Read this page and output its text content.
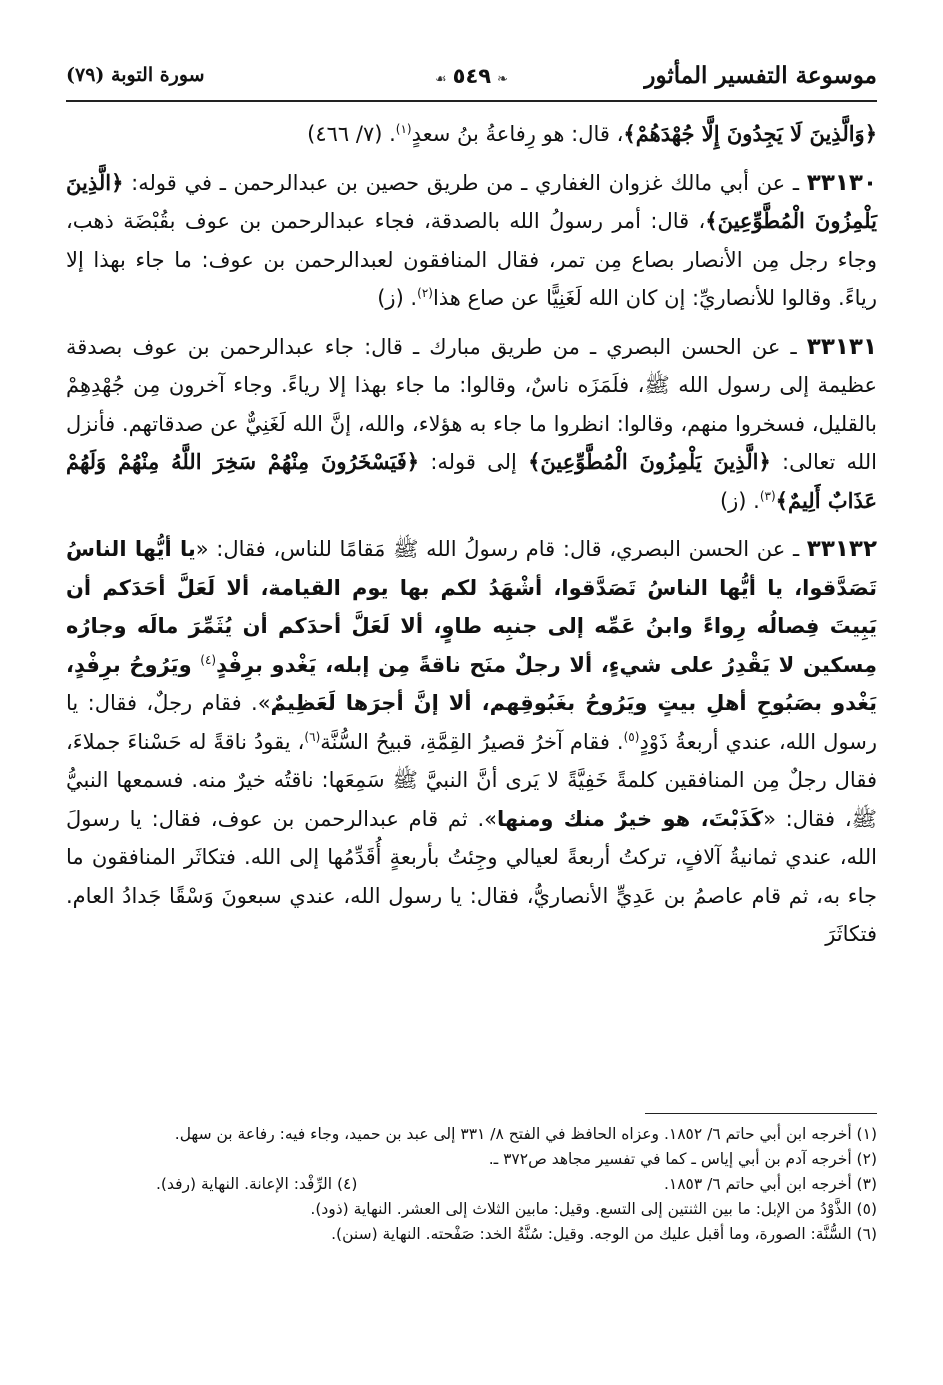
موسوعة التفسير المأثور
❧٥٤٩☙
سورة التوبة (٧٩)

﴿وَالَّذِينَ لَا يَجِدُونَ إِلَّا جُهْدَهُمْ﴾، قال: هو رِفاعةُ بنُ سعدٍ$^{(١)}$. (٧/ ٤٦٦)

٣٣١٣٠ ـ عن أبي مالك غزوان الغفاري ـ من طريق حصين بن عبدالرحمن ـ في قوله: ﴿الَّذِينَ يَلْمِزُونَ الْمُطَّوِّعِينَ﴾، قال: أمر رسولُ الله بالصدقة، فجاء عبدالرحمن بن عوف بقُبْضَة ذهب، وجاء رجل مِن الأنصار بصاع مِن تمر، فقال المنافقون لعبدالرحمن بن عوف: ما جاء بهذا إلا رياءً. وقالوا للأنصاريِّ: إن كان الله لَغَنِيًّا عن صاع هذا$^{(٢)}$. (ز)

٣٣١٣١ ـ عن الحسن البصري ـ من طريق مبارك ـ قال: جاء عبدالرحمن بن عوف بصدقة عظيمة إلى رسول الله ﷺ، فلَمَزَه ناسٌ، وقالوا: ما جاء بهذا إلا رياءً. وجاء آخرون مِن جُهْدِهِمْ بالقليل، فسخروا منهم، وقالوا: انظروا ما جاء به هؤلاء، والله، إنَّ الله لَغَنِيٌّ عن صدقاتهم. فأنزل الله تعالى: ﴿الَّذِينَ يَلْمِزُونَ الْمُطَّوِّعِينَ﴾ إلى قوله: ﴿فَيَسْخَرُونَ مِنْهُمْ سَخِرَ اللَّهُ مِنْهُمْ وَلَهُمْ عَذَابٌ أَلِيمٌ﴾$^{(٣)}$. (ز)

٣٣١٣٢ ـ عن الحسن البصري، قال: قام رسولُ الله ﷺ مَقامًا للناس، فقال: «يا أيُّها الناسُ تَصَدَّقوا، يا أيُّها الناسُ تَصَدَّقوا، أشْهَدُ لكم بها يوم القيامة، ألا لَعَلَّ أحَدَكم أن يَبِيتَ فِصالُه رِواءً وابنُ عَمِّه إلى جنبِه طاوٍ، ألا لَعَلَّ أحدَكم أن يُثَمِّرَ مالَه وجارُه مِسكين لا يَقْدِرُ على شيءٍ، ألا رجلٌ منَح ناقةً مِن إبله، يَغْدو برِفْدٍ$^{(٤)}$ ويَرُوحُ برِفْدٍ، يَغْدو بصَبُوحِ أهلِ بيتٍ ويَرُوحُ بغَبُوقِهم، ألا إنَّ أجرَها لَعَظِيمٌ». فقام رجلٌ، فقال: يا رسول الله، عندي أربعةُ ذَوْدٍ$^{(٥)}$. فقام آخرُ قصيرُ القِمَّةِ، قبيحُ السُّنَّة$^{(٦)}$، يقودُ ناقةً له حَسْناءَ جملاءَ، فقال رجلٌ مِن المنافقين كلمةً خَفِيَّةً لا يَرى أنَّ النبيَّ ﷺ سَمِعَها: ناقتُه خيرٌ منه. فسمعها النبيُّ ﷺ، فقال: «كَذَبْتَ، هو خيرٌ منك ومنها». ثم قام عبدالرحمن بن عوف، فقال: يا رسولَ الله، عندي ثمانيةُ آلافٍ، تركتُ أربعةً لعيالي وجِئتُ بأربعةٍ أُقَدِّمُها إلى الله. فتكاثَر المنافقون ما جاء به، ثم قام عاصمُ بن عَدِيٍّ الأنصاريُّ، فقال: يا رسول الله، عندي سبعونَ وَسْقًا جَدادُ العام. فتكاثَرَ

(١) أخرجه ابن أبي حاتم ٦/ ١٨٥٢. وعزاه الحافظ في الفتح ٨/ ٣٣١ إلى عبد بن حميد، وجاء فيه: رفاعة بن سهل.

(٢) أخرجه آدم بن أبي إياس ـ كما في تفسير مجاهد ص٣٧٢ ـ.

(٣) أخرجه ابن أبي حاتم ٦/ ١٨٥٣.

(٤) الرِّفْد: الإعانة. النهاية (رفد).

(٥) الذَّوْدُ من الإبل: ما بين الثنتين إلى التسع. وقيل: مابين الثلاث إلى العشر. النهاية (ذود).

(٦) السُّنَّة: الصورة، وما أقبل عليك من الوجه. وقيل: سُنَّةُ الخد: صَفْحته. النهاية (سنن).
